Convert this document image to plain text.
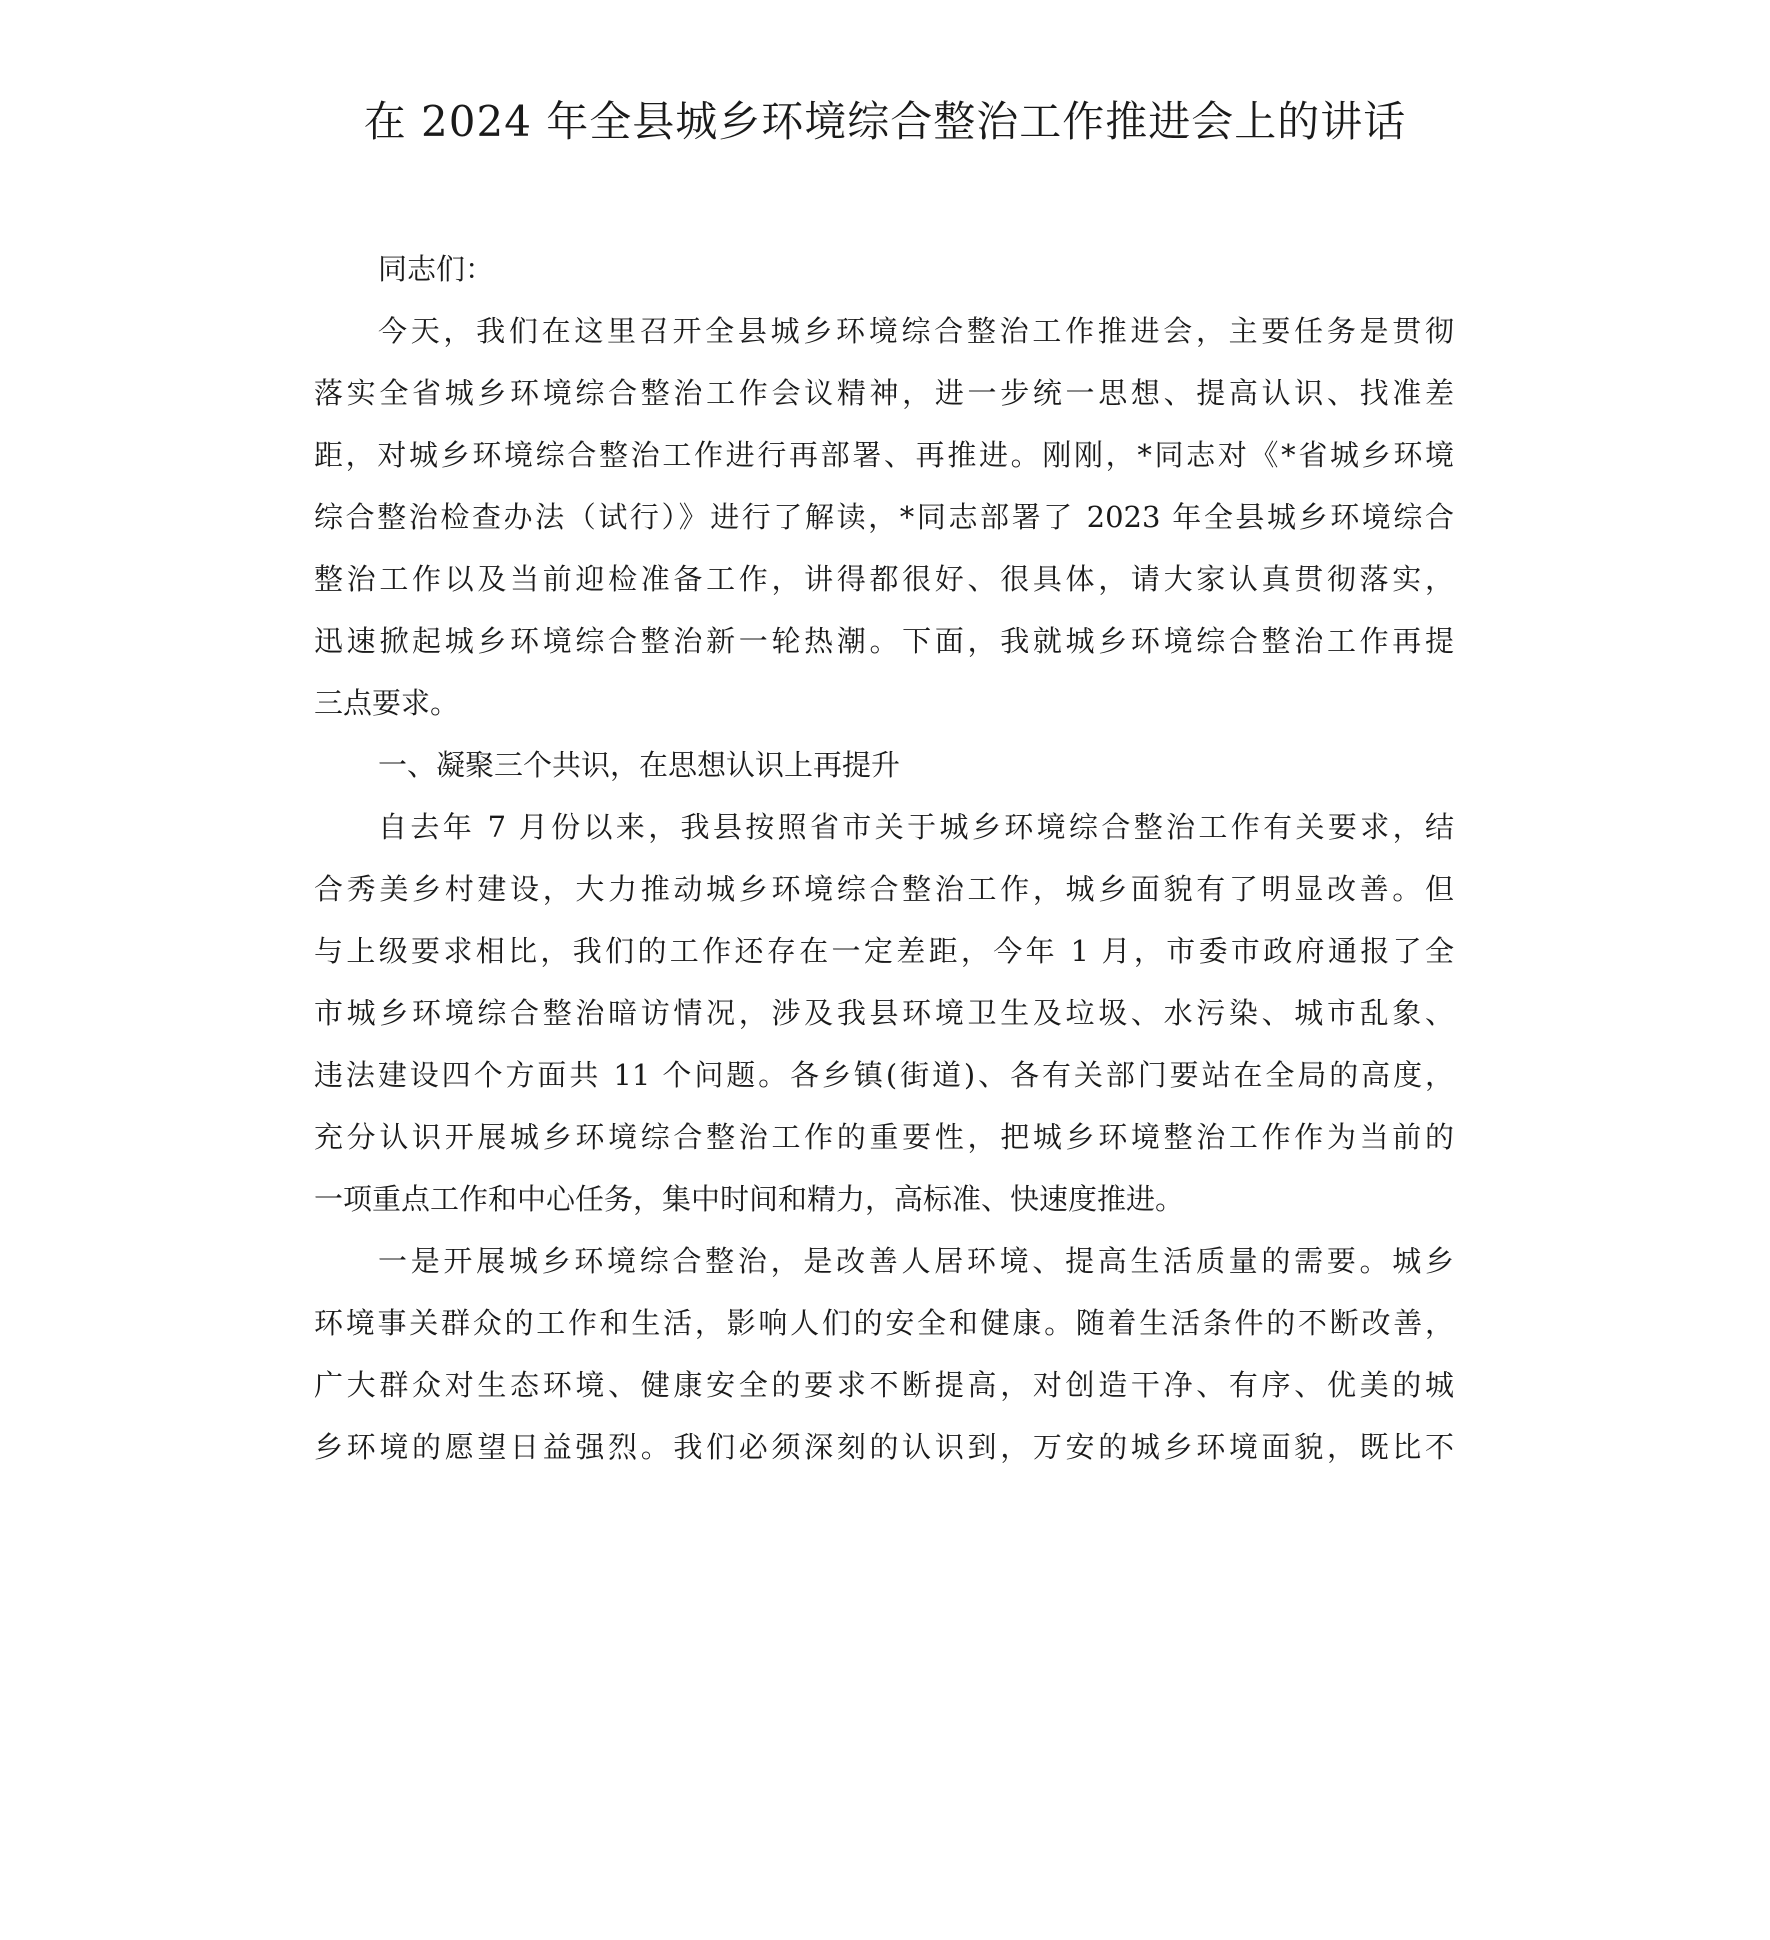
在 2024 年全县城乡环境综合整治工作推进会上的讲话
同志们：
今天，我们在这里召开全县城乡环境综合整治工作推进会，主要任务是贯彻
落实全省城乡环境综合整治工作会议精神，进一步统一思想、提高认识、找准差
距，对城乡环境综合整治工作进行再部署、再推进。刚刚，*同志对《*省城乡环境
综合整治检查办法（试行）》进行了解读，*同志部署了 2023 年全县城乡环境综合
整治工作以及当前迎检准备工作，讲得都很好、很具体，请大家认真贯彻落实，
迅速掀起城乡环境综合整治新一轮热潮。下面，我就城乡环境综合整治工作再提
三点要求。
一、凝聚三个共识，在思想认识上再提升
自去年 7 月份以来，我县按照省市关于城乡环境综合整治工作有关要求，结
合秀美乡村建设，大力推动城乡环境综合整治工作，城乡面貌有了明显改善。但
与上级要求相比，我们的工作还存在一定差距，今年 1 月，市委市政府通报了全
市城乡环境综合整治暗访情况，涉及我县环境卫生及垃圾、水污染、城市乱象、
违法建设四个方面共 11 个问题。各乡镇(街道)、各有关部门要站在全局的高度，
充分认识开展城乡环境综合整治工作的重要性，把城乡环境整治工作作为当前的
一项重点工作和中心任务，集中时间和精力，高标准、快速度推进。
一是开展城乡环境综合整治，是改善人居环境、提高生活质量的需要。城乡
环境事关群众的工作和生活，影响人们的安全和健康。随着生活条件的不断改善，
广大群众对生态环境、健康安全的要求不断提高，对创造干净、有序、优美的城
乡环境的愿望日益强烈。我们必须深刻的认识到，万安的城乡环境面貌，既比不
